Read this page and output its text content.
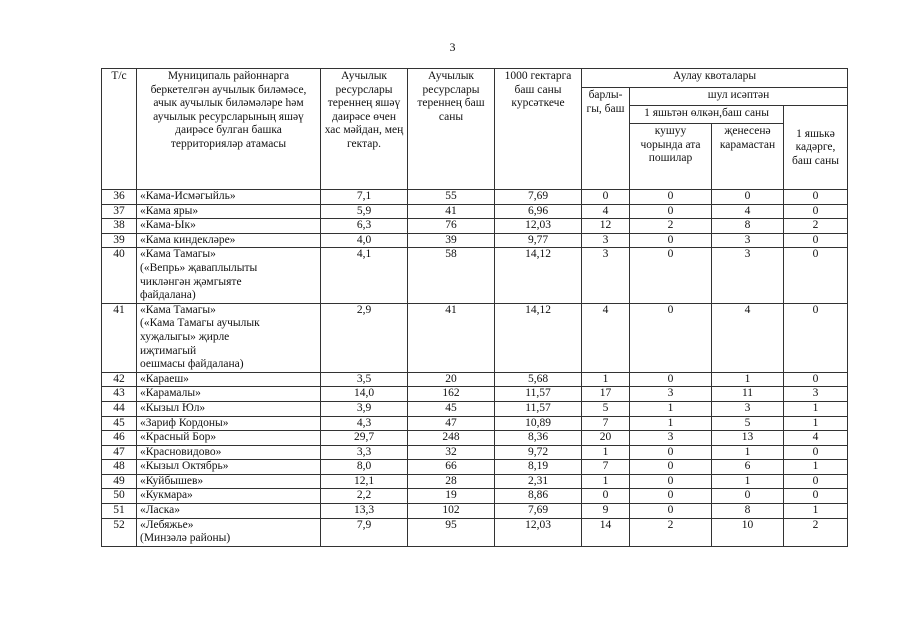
3
Т/с	Муниципаль районнарга беркетелгән аучылык биләмәсе, ачык аучылык биләмәләре һәм аучылык ресурсларының яшәү даирәсе булган башка территорияләр атамасы	Аучылык ресурслары тереннең яшәү даирәсе өчен хас мәйдан, мең гектар.	Аучылык ресурслары тереннең баш саны	1000 гектарга баш саны курсәткече	Аулау квоталары			
					барлы-гы, баш	шул исәптән		
						1 яшьтән өлкән,баш саны		1 яшькә кадәрге, баш саны
						кушуу чорында ата пошилар	җенесенә карамастан	
36	«Кама-Исмәгыйль»	7,1	55	7,69	0	0	0	0
37	«Кама яры»	5,9	41	6,96	4	0	4	0
38	«Кама-Ык»	6,3	76	12,03	12	2	8	2
39	«Кама киндекләре»	4,0	39	9,77	3	0	3	0
40	«Кама Тамагы»
(«Вепрь» җаваплылыты
чикләнгән җәмгыяте
файдалана)	4,1	58	14,12	3	0	3	0
41	«Кама Тамагы»
(«Кама Тамагы аучылык
хуҗалыгы» җирле
иҗтимагый
оешмасы файдалана)	2,9	41	14,12	4	0	4	0
42	«Караеш»	3,5	20	5,68	1	0	1	0
43	«Карамалы»	14,0	162	11,57	17	3	11	3
44	«Кызыл Юл»	3,9	45	11,57	5	1	3	1
45	«Зариф Кордоны»	4,3	47	10,89	7	1	5	1
46	«Красный Бор»	29,7	248	8,36	20	3	13	4
47	«Красновидово»	3,3	32	9,72	1	0	1	0
48	«Кызыл Октябрь»	8,0	66	8,19	7	0	6	1
49	«Куйбышев»	12,1	28	2,31	1	0	1	0
50	«Кукмара»	2,2	19	8,86	0	0	0	0
51	«Ласка»	13,3	102	7,69	9	0	8	1
52	«Лебяжье»
(Минзәлә районы)	7,9	95	12,03	14	2	10	2
